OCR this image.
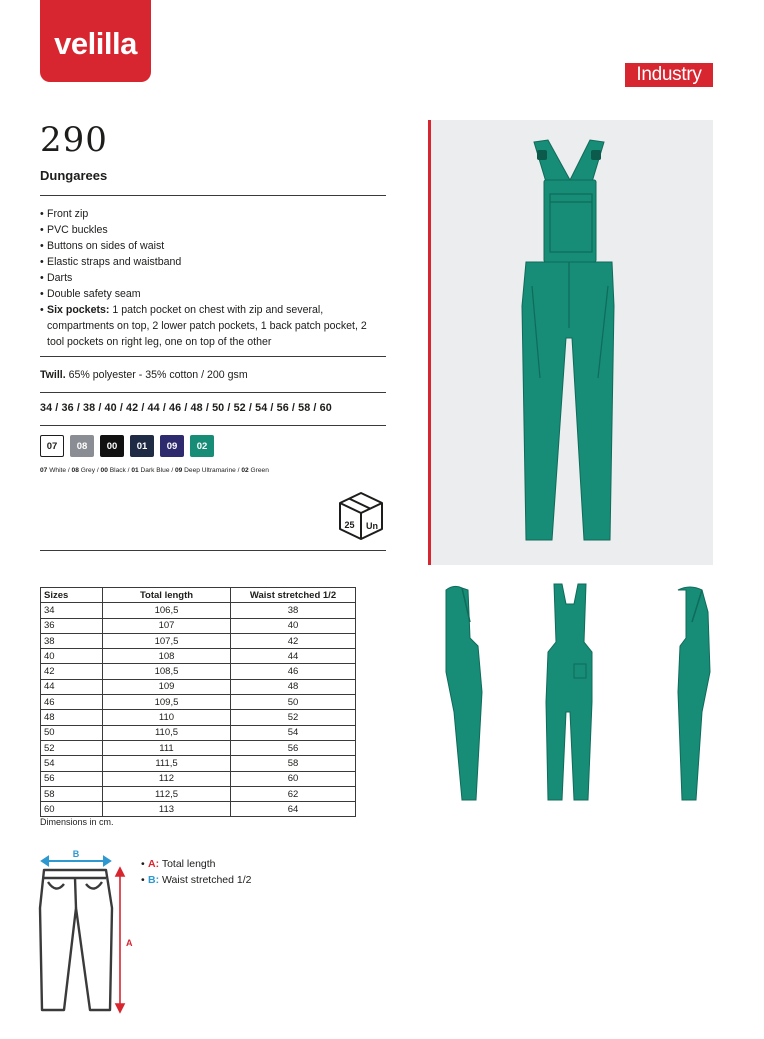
velilla
Industry
290
Dungarees
• Front zip
• PVC buckles
• Buttons on sides of waist
• Elastic straps and waistband
• Darts
• Double safety seam
• Six pockets: 1 patch pocket on chest with zip and several, compartments on top, 2 lower patch pockets, 1 back patch pocket, 2 tool pockets on right leg, one on top of the other
Twill. 65% polyester - 35% cotton / 200 gsm
34 / 36 / 38 / 40 / 42 / 44 / 46 / 48 / 50 / 52 / 54 / 56 / 58 / 60
07	08	00	01	09	02
07 White / 08 Grey / 00 Black / 01 Dark Blue / 09 Deep Ultramarine / 02 Green
25 Un
Sizes	Total length	Waist stretched 1/2
34	106,5	38
36	107	40
38	107,5	42
40	108	44
42	108,5	46
44	109	48
46	109,5	50
48	110	52
50	110,5	54
52	111	56
54	111,5	58
56	112	60
58	112,5	62
60	113	64
Dimensions in cm.
B
A
• A: Total length
• B: Waist stretched 1/2
